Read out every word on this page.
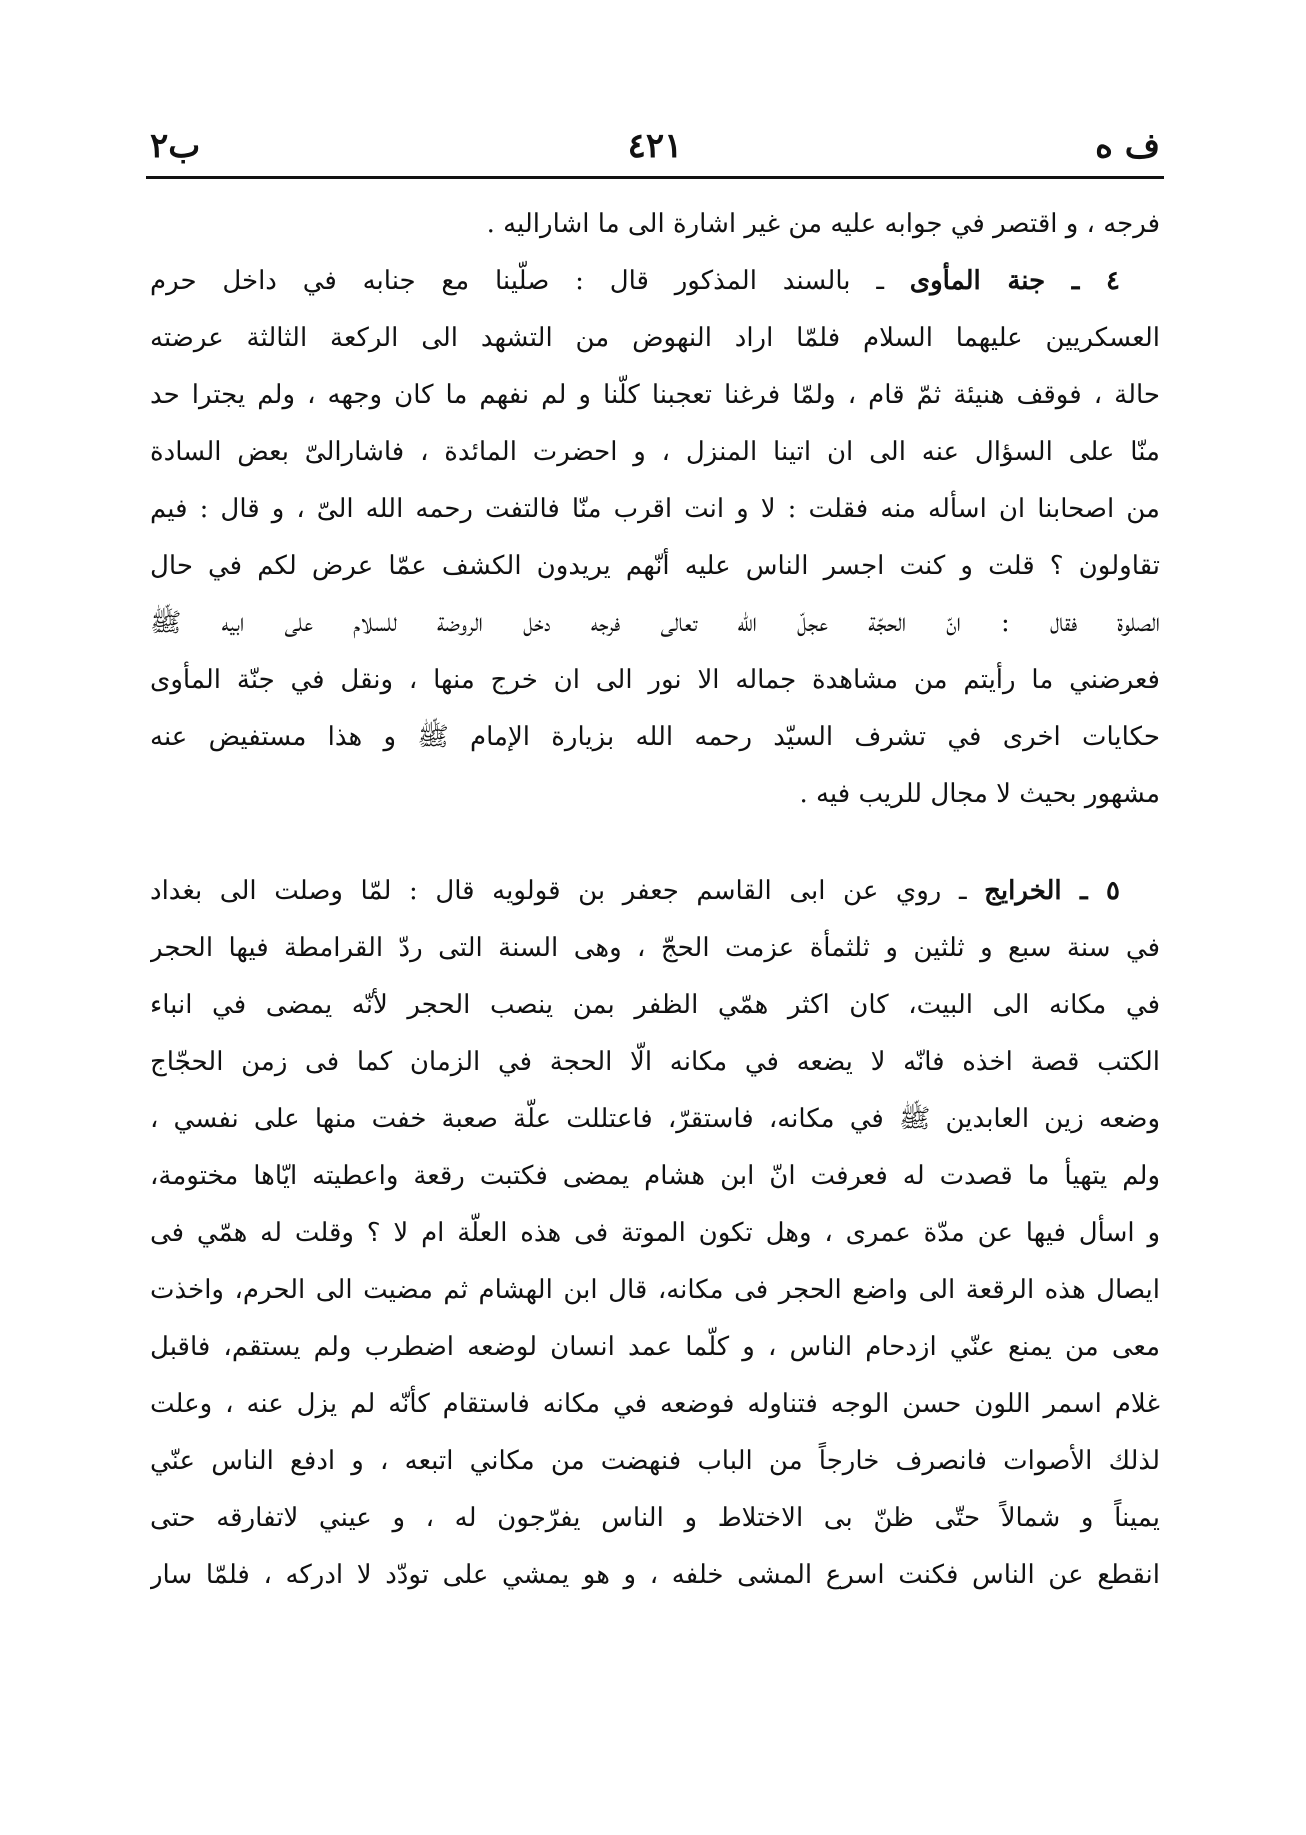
ف ه
٤٢١
ب٢
فرجه ، و اقتصر في جوابه عليه من غير اشارة الى ما اشاراليه .
٤ ـ جنة المأوى ـ بالسند المذكور قال : صلّينا مع جنابه في داخل حرم
العسكريين عليهما السلام فلمّا اراد النهوض من التشهد الى الركعة الثالثة عرضته
حالة ، فوقف هنيئة ثمّ قام ، ولمّا فرغنا تعجبنا كلّنا و لم نفهم ما كان وجهه ، ولم يجترا حد
منّا على السؤال عنه الى ان اتينا المنزل ، و احضرت المائدة ، فاشارالىّ بعض السادة
من اصحابنا ان اسأله منه فقلت : لا و انت اقرب منّا فالتفت رحمه الله الىّ ، و قال : فيم
تقاولون ؟ قلت و كنت اجسر الناس عليه أنّهم يريدون الكشف عمّا عرض لكم في حال
الصلوة فقال : انّ الحجّة عجلّ الله تعالى فرجه دخل الروضة للسلام على ابيه ﷺ
فعرضني ما رأيتم من مشاهدة جماله الا نور الى ان خرج منها ، ونقل في جنّة المأوى
حكايات اخرى في تشرف السيّد رحمه الله بزيارة الإمام ﷺ و هذا مستفيض عنه
مشهور بحيث لا مجال للريب فيه .
٥ ـ الخرايج ـ روي عن ابى القاسم جعفر بن قولويه قال : لمّا وصلت الى بغداد
في سنة سبع و ثلثين و ثلثمأة عزمت الحجّ ، وهى السنة التى ردّ القرامطة فيها الحجر
في مكانه الى البيت، كان اكثر همّي الظفر بمن ينصب الحجر لأنّه يمضى في انباء
الكتب قصة اخذه فانّه لا يضعه في مكانه الّا الحجة في الزمان كما فى زمن الحجّاج
وضعه زين العابدين ﷺ في مكانه، فاستقرّ، فاعتللت علّة صعبة خفت منها على نفسي ،
ولم يتهيأ ما قصدت له فعرفت انّ ابن هشام يمضى فكتبت رقعة واعطيته ايّاها مختومة،
و اسأل فيها عن مدّة عمرى ، وهل تكون الموتة فى هذه العلّة ام لا ؟ وقلت له همّي فى
ايصال هذه الرقعة الى واضع الحجر فى مكانه، قال ابن الهشام ثم مضيت الى الحرم، واخذت
معى من يمنع عنّي ازدحام الناس ، و كلّما عمد انسان لوضعه اضطرب ولم يستقم، فاقبل
غلام اسمر اللون حسن الوجه فتناوله فوضعه في مكانه فاستقام كأنّه لم يزل عنه ، وعلت
لذلك الأصوات فانصرف خارجاً من الباب فنهضت من مكاني اتبعه ، و ادفع الناس عنّي
يميناً و شمالاً حتّى ظنّ بى الاختلاط و الناس يفرّجون له ، و عيني لاتفارقه حتى
انقطع عن الناس فكنت اسرع المشى خلفه ، و هو يمشي على تودّد لا ادركه ، فلمّا سار
